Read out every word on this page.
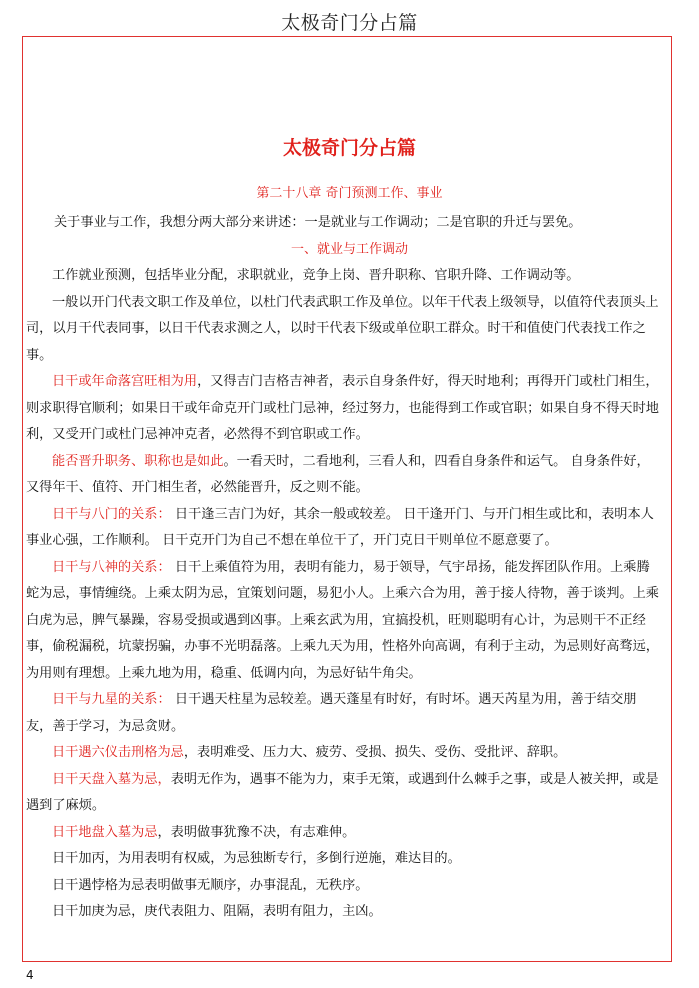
太极奇门分占篇
太极奇门分占篇
第二十八章 奇门预测工作、事业

关于事业与工作，我想分两大部分来讲述：一是就业与工作调动；二是官职的升迁与罢免。

一、就业与工作调动

工作就业预测，包括毕业分配，求职就业，竞争上岗、晋升职称、官职升降、工作调动等。

一般以开门代表文职工作及单位，以杜门代表武职工作及单位。以年干代表上级领导，以值符代表顶头上司，以月干代表同事，以日干代表求测之人，以时干代表下级或单位职工群众。时干和值使门代表找工作之事。

日干或年命落宫旺相为用，又得吉门吉格吉神者，表示自身条件好，得天时地利；再得开门或杜门相生，则求职得官顺利；如果日干或年命克开门或杜门忌神，经过努力，也能得到工作或官职；如果自身不得天时地利，又受开门或杜门忌神冲克者，必然得不到官职或工作。

能否晋升职务、职称也是如此。一看天时，二看地利，三看人和，四看自身条件和运气。 自身条件好， 又得年干、值符、开门相生者，必然能晋升，反之则不能。

日干与八门的关系： 日干逢三吉门为好，其余一般或较差。 日干逢开门、与开门相生或比和，表明本人事业心强，工作顺利。 日干克开门为自己不想在单位干了，开门克日干则单位不愿意要了。

日干与八神的关系： 日干上乘值符为用，表明有能力，易于领导，气宇昂扬，能发挥团队作用。上乘腾蛇为忌，事情缠绕。上乘太阴为忌，宜策划问题，易犯小人。上乘六合为用，善于接人待物，善于谈判。上乘白虎为忌，脾气暴躁，容易受损或遇到凶事。上乘玄武为用，宜搞投机，旺则聪明有心计，为忌则干不正经事，偷税漏税，坑蒙拐骗，办事不光明磊落。上乘九天为用，性格外向高调，有利于主动，为忌则好高骛远，为用则有理想。上乘九地为用，稳重、低调内向，为忌好钻牛角尖。

日干与九星的关系： 日干遇天柱星为忌较差。遇天蓬星有时好，有时坏。遇天芮星为用，善于结交朋友，善于学习，为忌贪财。

日干遇六仪击刑格为忌，表明难受、压力大、疲劳、受损、损失、受伤、受批评、辞职。

日干天盘入墓为忌，表明无作为，遇事不能为力，束手无策，或遇到什么棘手之事，或是人被关押，或是遇到了麻烦。

日干地盘入墓为忌，表明做事犹豫不决，有志难伸。

日干加丙，为用表明有权威，为忌独断专行，多倒行逆施，难达目的。

日干遇悖格为忌表明做事无顺序，办事混乱，无秩序。

日干加庚为忌，庚代表阻力、阻隔，表明有阻力，主凶。

4
